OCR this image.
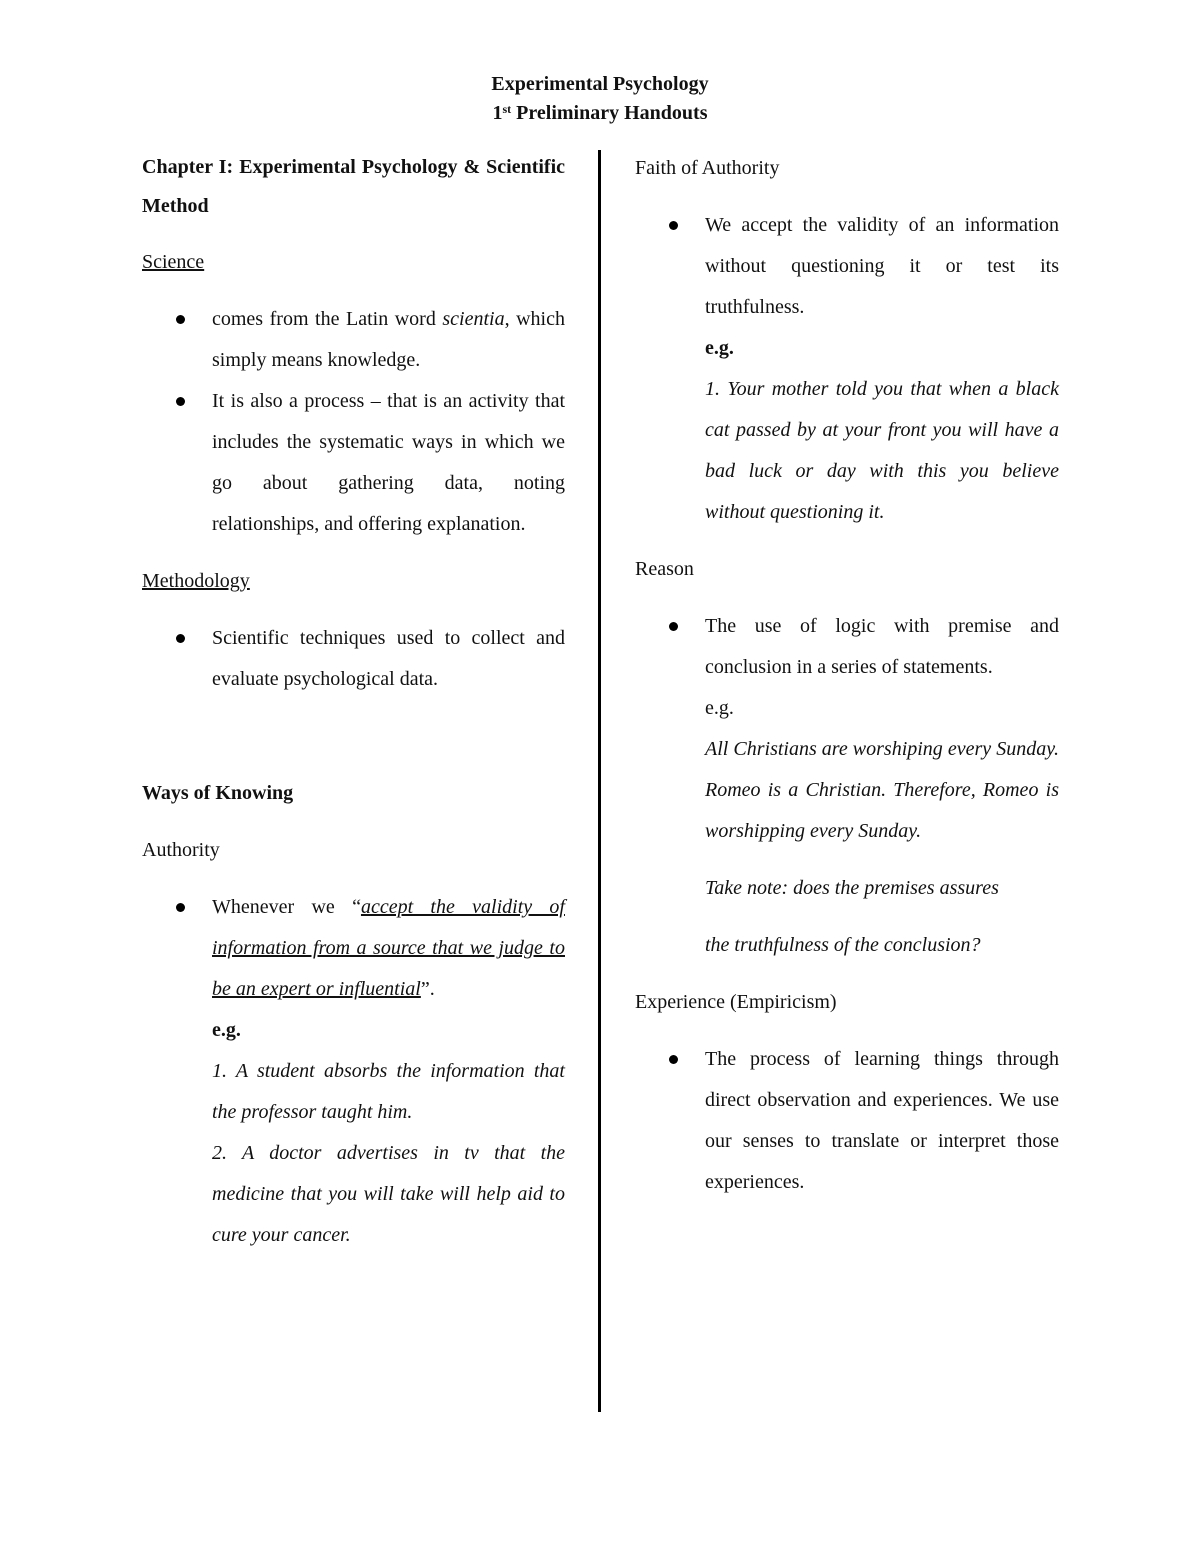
Experimental Psychology
1st Preliminary Handouts

Chapter I: Experimental Psychology & Scientific Method

Science

comes from the Latin word scientia, which simply means knowledge.

It is also a process – that is an activity that includes the systematic ways in which we go about gathering data, noting relationships, and offering explanation.

Methodology

Scientific techniques used to collect and evaluate psychological data.

Ways of Knowing

Authority

Whenever we “accept the validity of information from a source that we judge to be an expert or influential”.

e.g.

1. A student absorbs the information that the professor taught him.

2. A doctor advertises in tv that the medicine that you will take will help aid to cure your cancer.

Faith of Authority

We accept the validity of an information without questioning it or test its truthfulness.

e.g.

1. Your mother told you that when a black cat passed by at your front you will have a bad luck or day with this you believe without questioning it.

Reason

The use of logic with premise and conclusion in a series of statements.

e.g.

All Christians are worshiping every Sunday. Romeo is a Christian. Therefore, Romeo is worshipping every Sunday.

Take note: does the premises assures

the truthfulness of the conclusion?

Experience (Empiricism)

The process of learning things through direct observation and experiences. We use our senses to translate or interpret those experiences.
